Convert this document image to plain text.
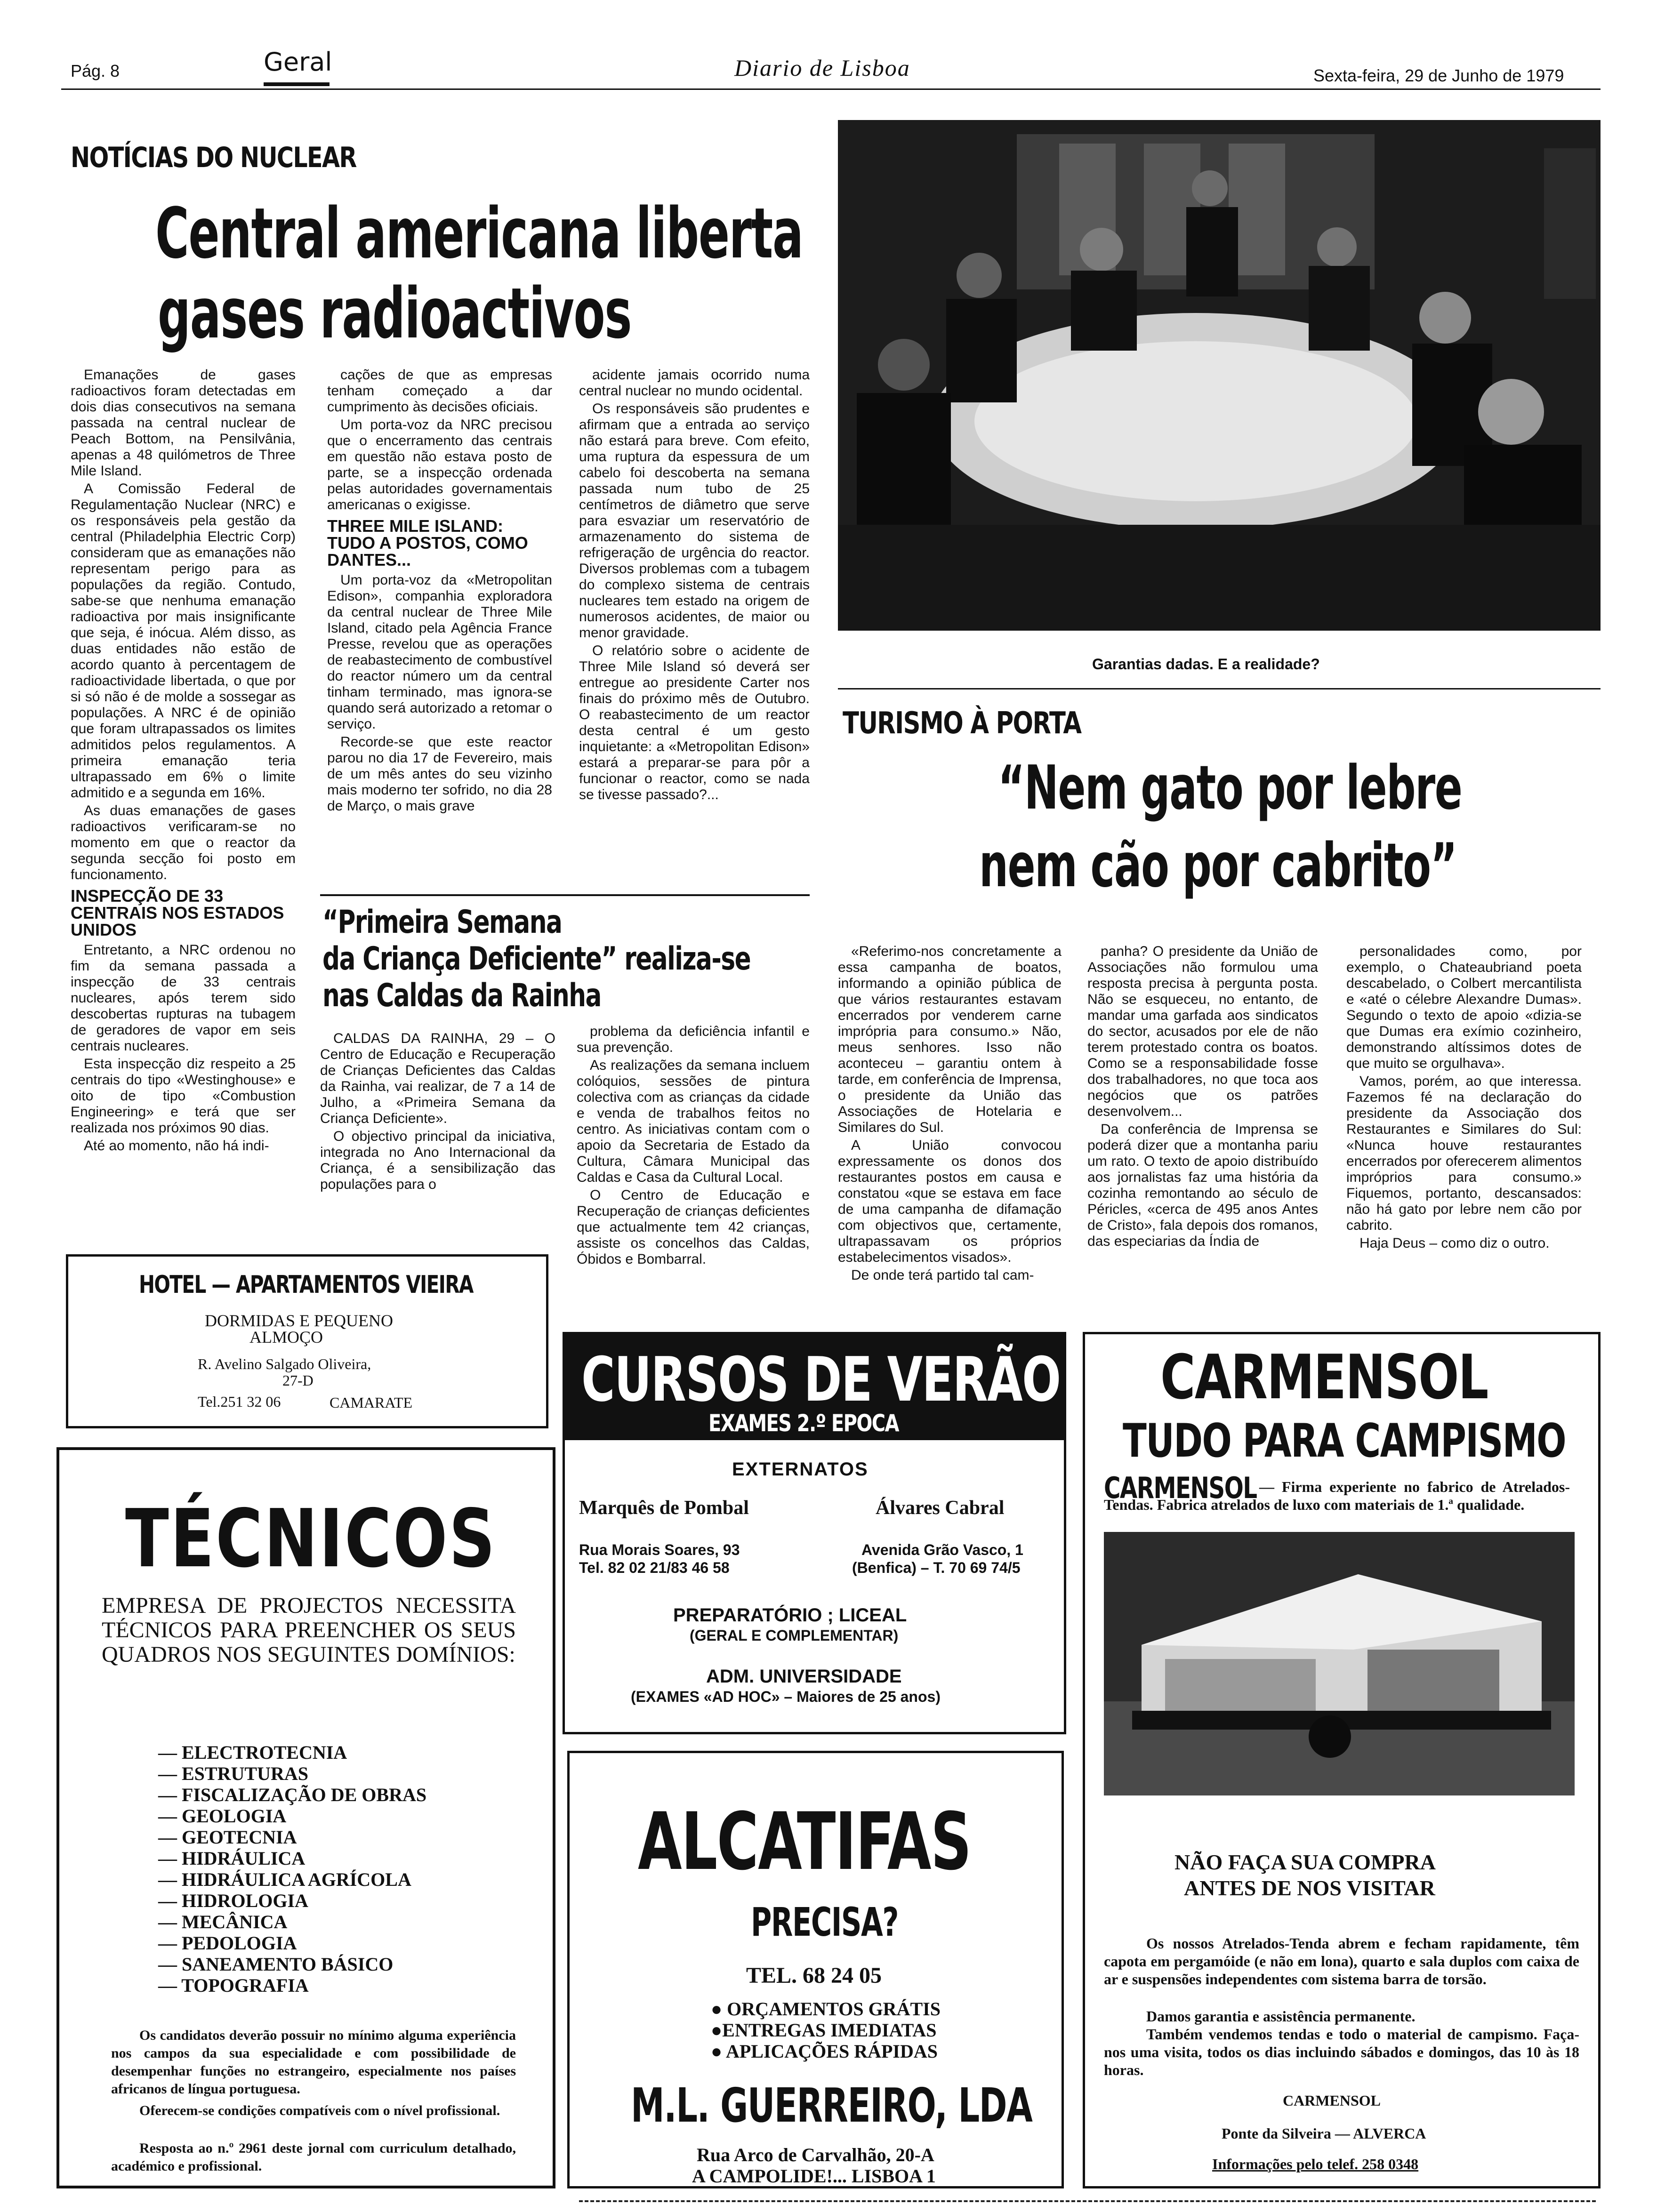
Pág. 8	Geral	Diario de Lisboa	Sexta-feira, 29 de Junho de 1979
NOTÍCIAS DO NUCLEAR
Central americana liberta
gases radioactivos

Emanações de gases radioactivos foram detectadas em dois dias consecutivos na semana passada na central nuclear de Peach Bottom, na Pensilvânia, apenas a 48 quilómetros de Three Mile Island.

A Comissão Federal de Regulamentação Nuclear (NRC) e os responsáveis pela gestão da central (Philadelphia Electric Corp) consideram que as emanações não representam perigo para as populações da região. Contudo, sabe-se que nenhuma emanação radioactiva por mais insignificante que seja, é inócua. Além disso, as duas entidades não estão de acordo quanto à percentagem de radioactividade libertada, o que por si só não é de molde a sossegar as populações. A NRC é de opinião que foram ultrapassados os limites admitidos pelos regulamentos. A primeira emanação teria ultrapassado em 6% o limite admitido e a segunda em 16%.

As duas emanações de gases radioactivos verificaram-se no momento em que o reactor da segunda secção foi posto em funcionamento.

INSPECÇÃO DE 33 CENTRAIS NOS ESTADOS UNIDOS

Entretanto, a NRC ordenou no fim da semana passada a inspecção de 33 centrais nucleares, após terem sido descobertas rupturas na tubagem de geradores de vapor em seis centrais nucleares.

Esta inspecção diz respeito a 25 centrais do tipo «Westinghouse» e oito de tipo «Combustion Engineering» e terá que ser realizada nos próximos 90 dias.

Até ao momento, não há indi-

cações de que as empresas tenham começado a dar cumprimento às decisões oficiais.

Um porta-voz da NRC precisou que o encerramento das centrais em questão não estava posto de parte, se a inspecção ordenada pelas autoridades governamentais americanas o exigisse.

THREE MILE ISLAND: TUDO A POSTOS, COMO DANTES...

Um porta-voz da «Metropolitan Edison», companhia exploradora da central nuclear de Three Mile Island, citado pela Agência France Presse, revelou que as operações de reabastecimento de combustível do reactor número um da central tinham terminado, mas ignora-se quando será autorizado a retomar o serviço.

Recorde-se que este reactor parou no dia 17 de Fevereiro, mais de um mês antes do seu vizinho mais moderno ter sofrido, no dia 28 de Março, o mais grave

acidente jamais ocorrido numa central nuclear no mundo ocidental.

Os responsáveis são prudentes e afirmam que a entrada ao serviço não estará para breve. Com efeito, uma ruptura da espessura de um cabelo foi descoberta na semana passada num tubo de 25 centímetros de diâmetro que serve para esvaziar um reservatório de armazenamento do sistema de refrigeração de urgência do reactor. Diversos problemas com a tubagem do complexo sistema de centrais nucleares tem estado na origem de numerosos acidentes, de maior ou menor gravidade.

O relatório sobre o acidente de Three Mile Island só deverá ser entregue ao presidente Carter nos finais do próximo mês de Outubro. O reabastecimento de um reactor desta central é um gesto inquietante: a «Metropolitan Edison» estará a preparar-se para pôr a funcionar o reactor, como se nada se tivesse passado?...

Garantias dadas. E a realidade?
“Primeira Semana
da Criança Deficiente” realiza-se
nas Caldas da Rainha

CALDAS DA RAINHA, 29 – O Centro de Educação e Recuperação de Crianças Deficientes das Caldas da Rainha, vai realizar, de 7 a 14 de Julho, a «Primeira Semana da Criança Deficiente».

O objectivo principal da iniciativa, integrada no Ano Internacional da Criança, é a sensibilização das populações para o

problema da deficiência infantil e sua prevenção.

As realizações da semana incluem colóquios, sessões de pintura colectiva com as crianças da cidade e venda de trabalhos feitos no centro. As iniciativas contam com o apoio da Secretaria de Estado da Cultura, Câmara Municipal das Caldas e Casa da Cultural Local.

O Centro de Educação e Recuperação de crianças deficientes que actualmente tem 42 crianças, assiste os concelhos das Caldas, Óbidos e Bombarral.

TURISMO À PORTA
“Nem gato por lebre
nem cão por cabrito”

«Referimo-nos concretamente a essa campanha de boatos, informando a opinião pública de que vários restaurantes estavam encerrados por venderem carne imprópria para consumo.» Não, meus senhores. Isso não aconteceu – garantiu ontem à tarde, em conferência de Imprensa, o presidente da União das Associações de Hotelaria e Similares do Sul.

A União convocou expressamente os donos dos restaurantes postos em causa e constatou «que se estava em face de uma campanha de difamação com objectivos que, certamente, ultrapassavam os próprios estabelecimentos visados».

De onde terá partido tal cam-

panha? O presidente da União de Associações não formulou uma resposta precisa à pergunta posta. Não se esqueceu, no entanto, de mandar uma garfada aos sindicatos do sector, acusados por ele de não terem protestado contra os boatos. Como se a responsabilidade fosse dos trabalhadores, no que toca aos negócios que os patrões desenvolvem...

Da conferência de Imprensa se poderá dizer que a montanha pariu um rato. O texto de apoio distribuído aos jornalistas faz uma história da cozinha remontando ao século de Péricles, «cerca de 495 anos Antes de Cristo», fala depois dos romanos, das especiarias da Índia de

personalidades como, por exemplo, o Chateaubriand poeta descabelado, o Colbert mercantilista e «até o célebre Alexandre Dumas». Segundo o texto de apoio «dizia-se que Dumas era exímio cozinheiro, demonstrando altíssimos dotes de que muito se orgulhava».

Vamos, porém, ao que interessa. Fazemos fé na declaração do presidente da Associação dos Restaurantes e Similares do Sul: «Nunca houve restaurantes encerrados por oferecerem alimentos impróprios para consumo.» Fiquemos, portanto, descansados: não há gato por lebre nem cão por cabrito.

Haja Deus – como diz o outro.

HOTEL — APARTAMENTOS VIEIRA
DORMIDAS E PEQUENO
ALMOÇO
R. Avelino Salgado Oliveira,
27-D
Tel.251 32 06	CAMARATE
TÉCNICOS
EMPRESA DE PROJECTOS NECESSITA TÉCNICOS PARA PREENCHER OS SEUS QUADROS NOS SEGUINTES DOMÍNIOS:
— ELECTROTECNIA
— ESTRUTURAS
— FISCALIZAÇÃO DE OBRAS
— GEOLOGIA
— GEOTECNIA
— HIDRÁULICA
— HIDRÁULICA AGRÍCOLA
— HIDROLOGIA
— MECÂNICA
— PEDOLOGIA
— SANEAMENTO BÁSICO
— TOPOGRAFIA
Os candidatos deverão possuir no mínimo alguma experiência nos campos da sua especialidade e com possibilidade de desempenhar funções no estrangeiro, especialmente nos países africanos de língua portuguesa.
Oferecem-se condições compatíveis com o nível profissional.
Resposta ao n.º 2961 deste jornal com curriculum detalhado, académico e profissional.
CURSOS DE VERÃO
EXAMES 2.º EPOCA
EXTERNATOS
Marquês de Pombal	Álvares Cabral
Rua Morais Soares, 93
Tel. 82 02 21/83 46 58
Avenida Grão Vasco, 1
(Benfica) – T. 70 69 74/5
PREPARATÓRIO ; LICEAL
(GERAL E COMPLEMENTAR)
ADM. UNIVERSIDADE
(EXAMES «AD HOC» – Maiores de 25 anos)
ALCATIFAS
PRECISA?
TEL. 68 24 05
● ORÇAMENTOS GRÁTIS
●ENTREGAS IMEDIATAS
● APLICAÇÕES RÁPIDAS
M.L. GUERREIRO, LDA
Rua Arco de Carvalhão, 20-A
A CAMPOLIDE!... LISBOA 1
CARMENSOL
TUDO PARA CAMPISMO
CARMENSOL — Firma experiente no fabrico de Atrelados-Tendas. Fabrica atrelados de luxo com materiais de 1.ª qualidade.
NÃO FAÇA SUA COMPRA
ANTES DE NOS VISITAR
Os nossos Atrelados-Tenda abrem e fecham rapidamente, têm capota em pergamóide (e não em lona), quarto e sala duplos com caixa de ar e suspensões independentes com sistema barra de torsão.
Damos garantia e assistência permanente.
Também vendemos tendas e todo o material de campismo. Faça-nos uma visita, todos os dias incluindo sábados e domingos, das 10 às 18 horas.
CARMENSOL
Ponte da Silveira — ALVERCA
Informações pelo telef. 258 0348
